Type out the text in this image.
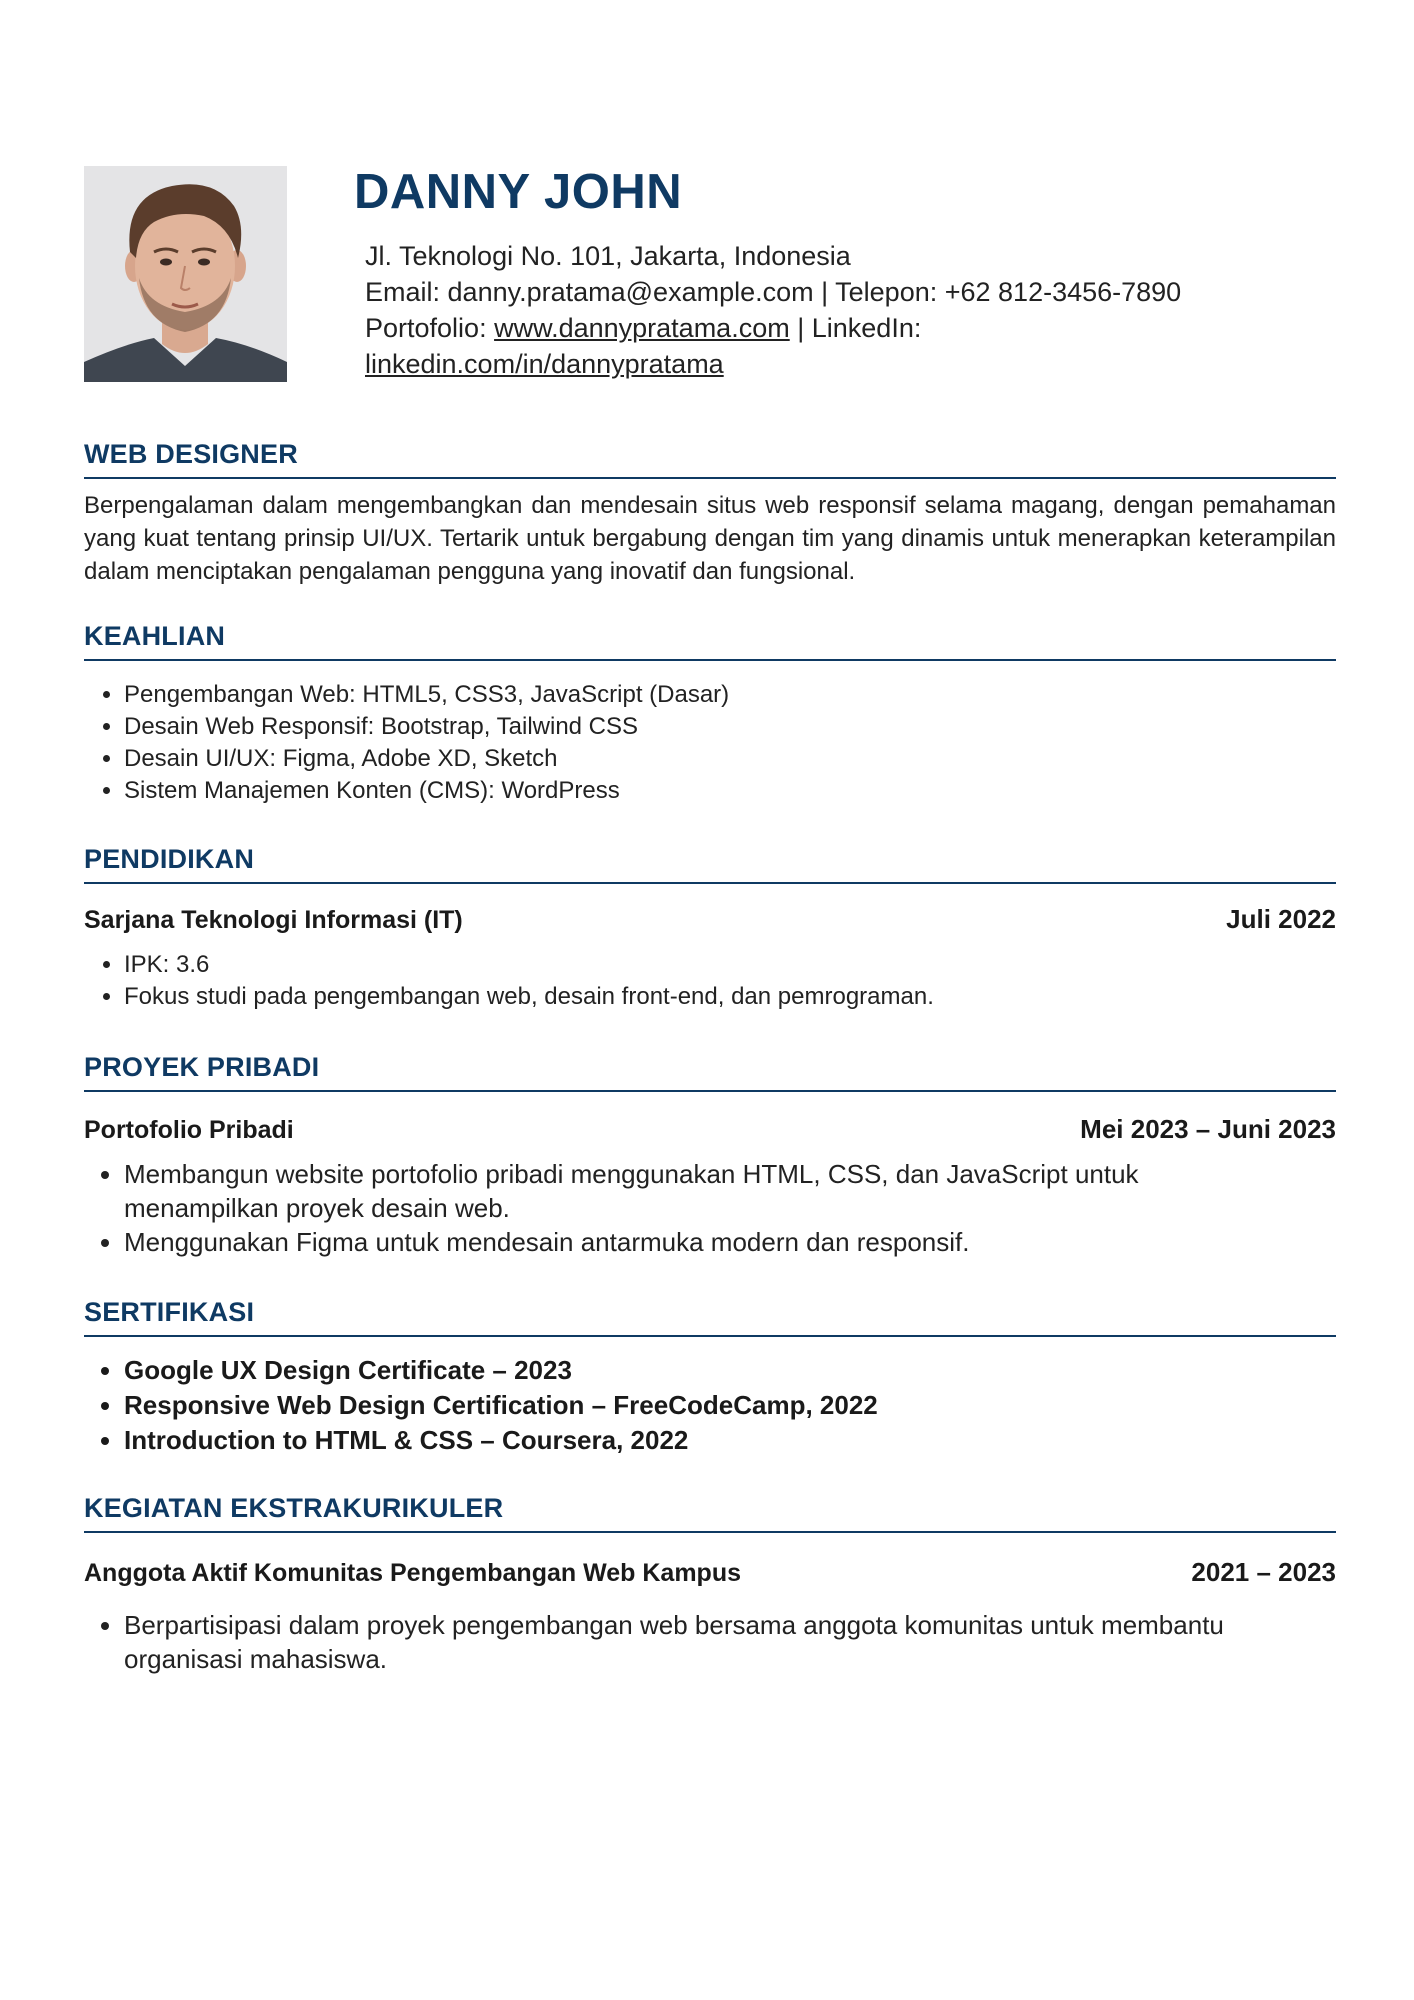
DANNY JOHN
Jl. Teknologi No. 101, Jakarta, Indonesia
Email: danny.pratama@example.com | Telepon: +62 812-3456-7890
Portofolio: www.dannypratama.com | LinkedIn:
linkedin.com/in/dannypratama
WEB DESIGNER

Berpengalaman dalam mengembangkan dan mendesain situs web responsif selama magang, dengan pemahaman yang kuat tentang prinsip UI/UX. Tertarik untuk bergabung dengan tim yang dinamis untuk menerapkan keterampilan dalam menciptakan pengalaman pengguna yang inovatif dan fungsional.

KEAHLIAN
• Pengembangan Web: HTML5, CSS3, JavaScript (Dasar)
• Desain Web Responsif: Bootstrap, Tailwind CSS
• Desain UI/UX: Figma, Adobe XD, Sketch
• Sistem Manajemen Konten (CMS): WordPress
PENDIDIKAN
Sarjana Teknologi Informasi (IT)	Juli 2022
• IPK: 3.6
• Fokus studi pada pengembangan web, desain front-end, dan pemrograman.
PROYEK PRIBADI
Portofolio Pribadi	Mei 2023 – Juni 2023
• Membangun website portofolio pribadi menggunakan HTML, CSS, dan JavaScript untuk menampilkan proyek desain web.
• Menggunakan Figma untuk mendesain antarmuka modern dan responsif.
SERTIFIKASI
• Google UX Design Certificate – 2023
• Responsive Web Design Certification – FreeCodeCamp, 2022
• Introduction to HTML & CSS – Coursera, 2022
KEGIATAN EKSTRAKURIKULER
Anggota Aktif Komunitas Pengembangan Web Kampus	2021 – 2023
• Berpartisipasi dalam proyek pengembangan web bersama anggota komunitas untuk membantu organisasi mahasiswa.
